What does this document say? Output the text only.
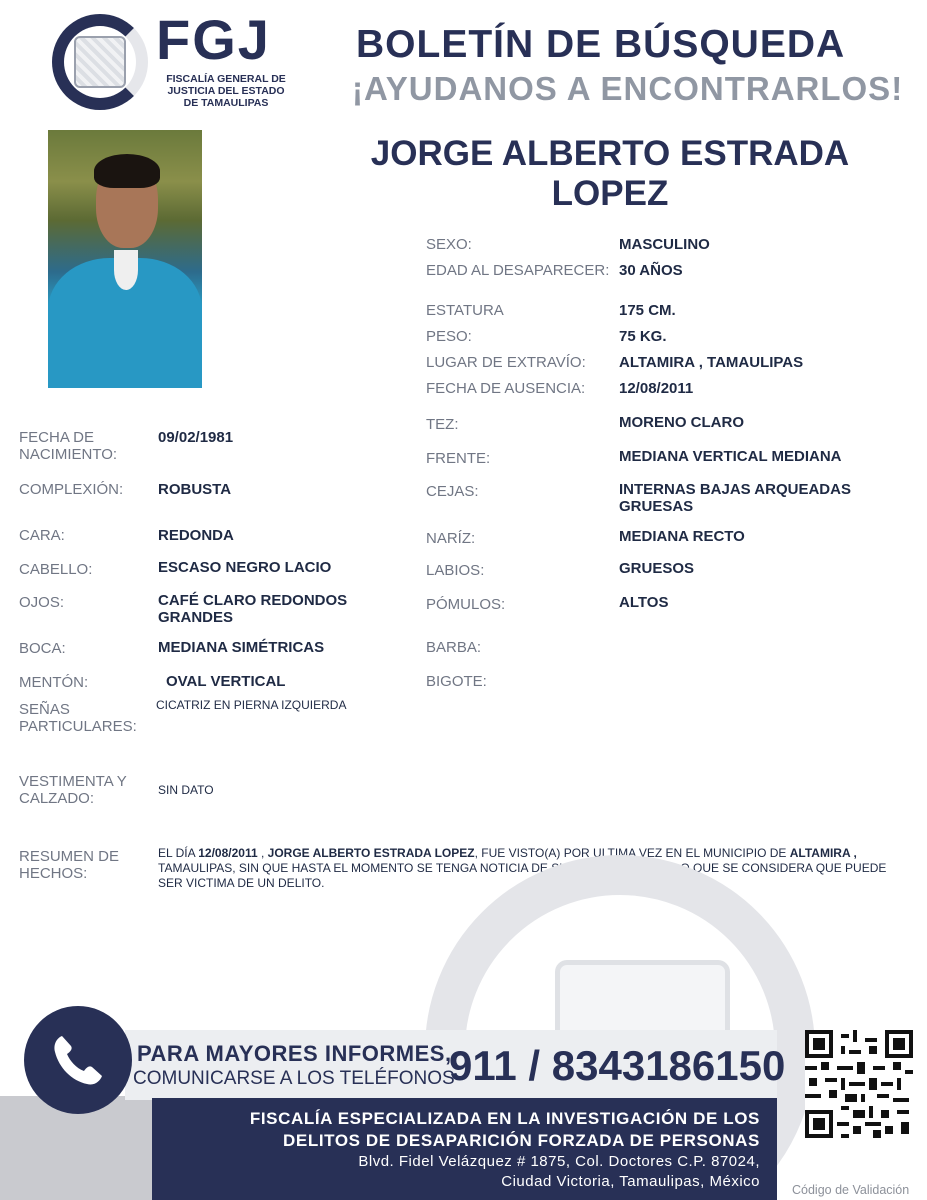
FGJ
FISCALÍA GENERAL DE
JUSTICIA DEL ESTADO
DE TAMAULIPAS
BOLETÍN DE BÚSQUEDA
¡AYUDANOS A ENCONTRARLOS!
JORGE ALBERTO ESTRADA
LOPEZ
SEXO:	MASCULINO
EDAD AL DESAPARECER: 30 AÑOS
ESTATURA	175 CM.
PESO:	75 KG.
LUGAR DE EXTRAVÍO: ALTAMIRA , TAMAULIPAS
FECHA DE AUSENCIA: 12/08/2011
TEZ:	MORENO CLARO
FRENTE:	MEDIANA VERTICAL MEDIANA
CEJAS:	INTERNAS BAJAS ARQUEADAS GRUESAS
NARÍZ:	MEDIANA RECTO
LABIOS:	GRUESOS
PÓMULOS:	ALTOS
BARBA:
BIGOTE:
FECHA DE NACIMIENTO:
09/02/1981
COMPLEXIÓN: ROBUSTA
CARA:	REDONDA
CABELLO:	ESCASO NEGRO LACIO
OJOS:	CAFÉ CLARO REDONDOS GRANDES
BOCA:	MEDIANA SIMÉTRICAS
MENTÓN:	OVAL VERTICAL
SEÑAS PARTICULARES:
CICATRIZ EN PIERNA IZQUIERDA
VESTIMENTA Y CALZADO:	SIN DATO
RESUMEN DE HECHOS:
EL DÍA 12/08/2011 , JORGE ALBERTO ESTRADA LOPEZ, FUE VISTO(A) POR ULTIMA VEZ EN EL MUNICIPIO DE ALTAMIRA , TAMAULIPAS, SIN QUE HASTA EL MOMENTO SE TENGA NOTICIA DE SU PARADERO, POR LO QUE SE CONSIDERA QUE PUEDE SER VICTIMA DE UN DELITO.
PARA MAYORES INFORMES,
COMUNICARSE A LOS TELÉFONOS
911 / 8343186150
FISCALÍA ESPECIALIZADA EN LA INVESTIGACIÓN DE LOS
DELITOS DE DESAPARICIÓN FORZADA DE PERSONAS
Blvd. Fidel Velázquez # 1875, Col. Doctores C.P. 87024,
Ciudad Victoria, Tamaulipas, México	Código de Validación
